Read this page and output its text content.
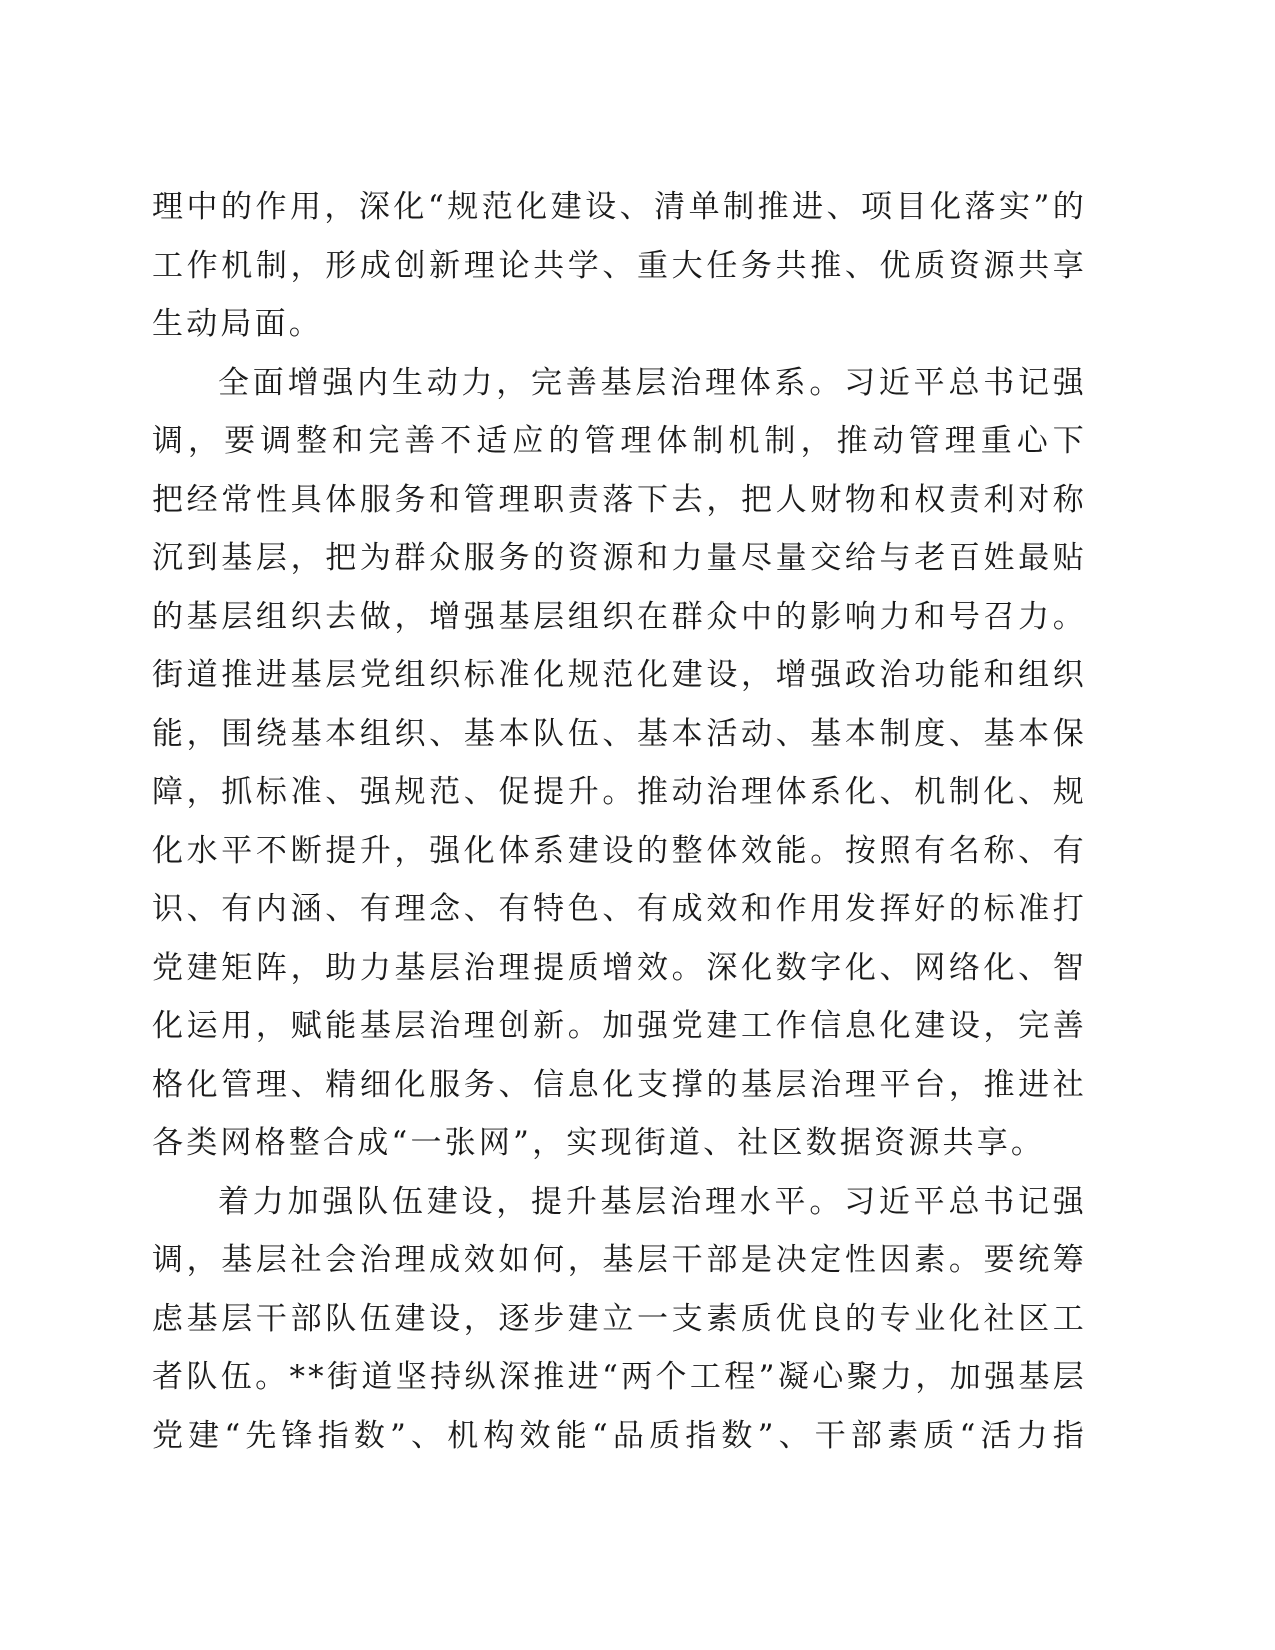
理中的作用，深化“规范化建设、清单制推进、项目化落实”的
工作机制，形成创新理论共学、重大任务共推、优质资源共享
生动局面。
全面增强内生动力，完善基层治理体系。习近平总书记强
调，要调整和完善不适应的管理体制机制，推动管理重心下
把经常性具体服务和管理职责落下去，把人财物和权责利对称
沉到基层，把为群众服务的资源和力量尽量交给与老百姓最贴
的基层组织去做，增强基层组织在群众中的影响力和号召力。
街道推进基层党组织标准化规范化建设，增强政治功能和组织
能，围绕基本组织、基本队伍、基本活动、基本制度、基本保
障，抓标准、强规范、促提升。推动治理体系化、机制化、规
化水平不断提升，强化体系建设的整体效能。按照有名称、有
识、有内涵、有理念、有特色、有成效和作用发挥好的标准打
党建矩阵，助力基层治理提质增效。深化数字化、网络化、智
化运用，赋能基层治理创新。加强党建工作信息化建设，完善
格化管理、精细化服务、信息化支撑的基层治理平台，推进社
各类网格整合成“一张网”，实现街道、社区数据资源共享。
着力加强队伍建设，提升基层治理水平。习近平总书记强
调，基层社会治理成效如何，基层干部是决定性因素。要统筹
虑基层干部队伍建设，逐步建立一支素质优良的专业化社区工
者队伍。**街道坚持纵深推进“两个工程”凝心聚力，加强基层
党建“先锋指数”、机构效能“品质指数”、干部素质“活力指
